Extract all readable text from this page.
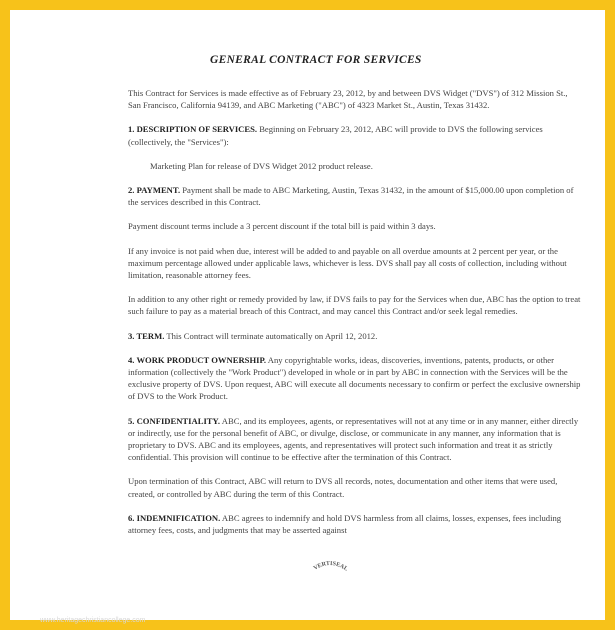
GENERAL CONTRACT FOR SERVICES
This Contract for Services is made effective as of February 23, 2012, by and between DVS Widget ("DVS") of 312 Mission St., San Francisco, California 94139, and ABC Marketing ("ABC") of 4323 Market St., Austin, Texas 31432.
1. DESCRIPTION OF SERVICES. Beginning on February 23, 2012, ABC will provide to DVS the following services (collectively, the "Services"):
Marketing Plan for release of DVS Widget 2012 product release.
2. PAYMENT. Payment shall be made to ABC Marketing, Austin, Texas 31432, in the amount of $15,000.00 upon completion of the services described in this Contract.
Payment discount terms include a 3 percent discount if the total bill is paid within 3 days.
If any invoice is not paid when due, interest will be added to and payable on all overdue amounts at 2 percent per year, or the maximum percentage allowed under applicable laws, whichever is less. DVS shall pay all costs of collection, including without limitation, reasonable attorney fees.
In addition to any other right or remedy provided by law, if DVS fails to pay for the Services when due, ABC has the option to treat such failure to pay as a material breach of this Contract, and may cancel this Contract and/or seek legal remedies.
3. TERM. This Contract will terminate automatically on April 12, 2012.
4. WORK PRODUCT OWNERSHIP. Any copyrightable works, ideas, discoveries, inventions, patents, products, or other information (collectively the "Work Product") developed in whole or in part by ABC in connection with the Services will be the exclusive property of DVS. Upon request, ABC will execute all documents necessary to confirm or perfect the exclusive ownership of DVS to the Work Product.
5. CONFIDENTIALITY. ABC, and its employees, agents, or representatives will not at any time or in any manner, either directly or indirectly, use for the personal benefit of ABC, or divulge, disclose, or communicate in any manner, any information that is proprietary to DVS. ABC and its employees, agents, and representatives will protect such information and treat it as strictly confidential. This provision will continue to be effective after the termination of this Contract.
Upon termination of this Contract, ABC will return to DVS all records, notes, documentation and other items that were used, created, or controlled by ABC during the term of this Contract.
6. INDEMNIFICATION. ABC agrees to indemnify and hold DVS harmless from all claims, losses, expenses, fees including attorney fees, costs, and judgments that may be asserted against
VERTISEAL
www.heritagechristiancollege.com
